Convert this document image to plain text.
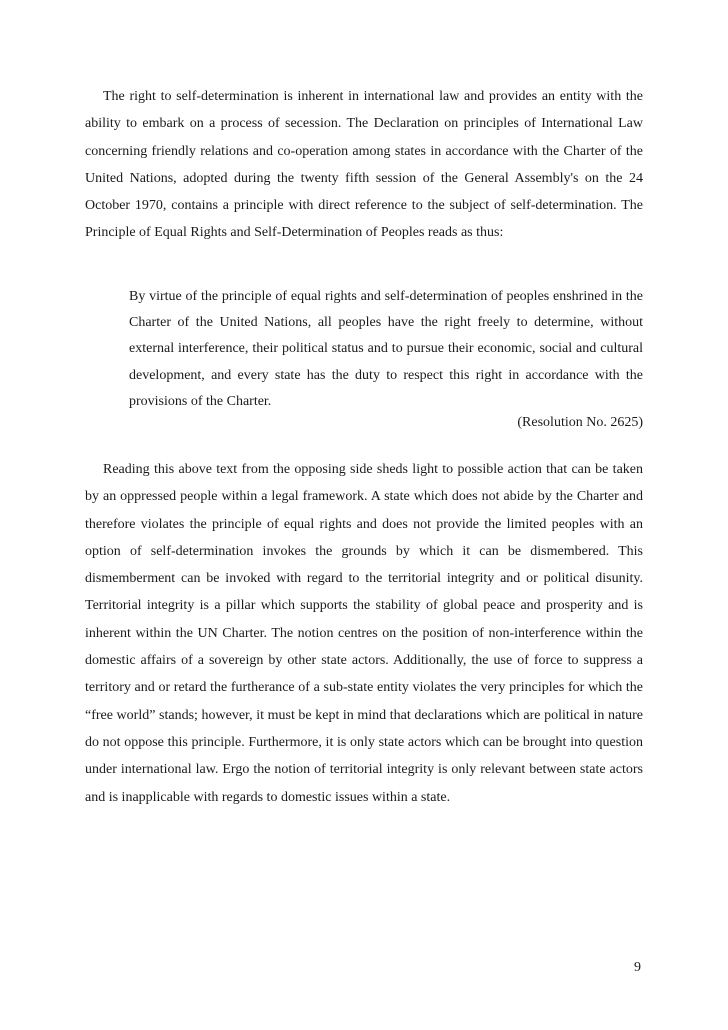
The right to self-determination is inherent in international law and provides an entity with the ability to embark on a process of secession. The Declaration on principles of International Law concerning friendly relations and co-operation among states in accordance with the Charter of the United Nations, adopted during the twenty fifth session of the General Assembly's on the 24 October 1970, contains a principle with direct reference to the subject of self-determination. The Principle of Equal Rights and Self-Determination of Peoples reads as thus:

By virtue of the principle of equal rights and self-determination of peoples enshrined in the Charter of the United Nations, all peoples have the right freely to determine, without external interference, their political status and to pursue their economic, social and cultural development, and every state has the duty to respect this right in accordance with the provisions of the Charter.

(Resolution No. 2625)

Reading this above text from the opposing side sheds light to possible action that can be taken by an oppressed people within a legal framework. A state which does not abide by the Charter and therefore violates the principle of equal rights and does not provide the limited peoples with an option of self-determination invokes the grounds by which it can be dismembered. This dismemberment can be invoked with regard to the territorial integrity and or political disunity. Territorial integrity is a pillar which supports the stability of global peace and prosperity and is inherent within the UN Charter. The notion centres on the position of non-interference within the domestic affairs of a sovereign by other state actors. Additionally, the use of force to suppress a territory and or retard the furtherance of a sub-state entity violates the very principles for which the “free world” stands; however, it must be kept in mind that declarations which are political in nature do not oppose this principle. Furthermore, it is only state actors which can be brought into question under international law. Ergo the notion of territorial integrity is only relevant between state actors and is inapplicable with regards to domestic issues within a state.

9
